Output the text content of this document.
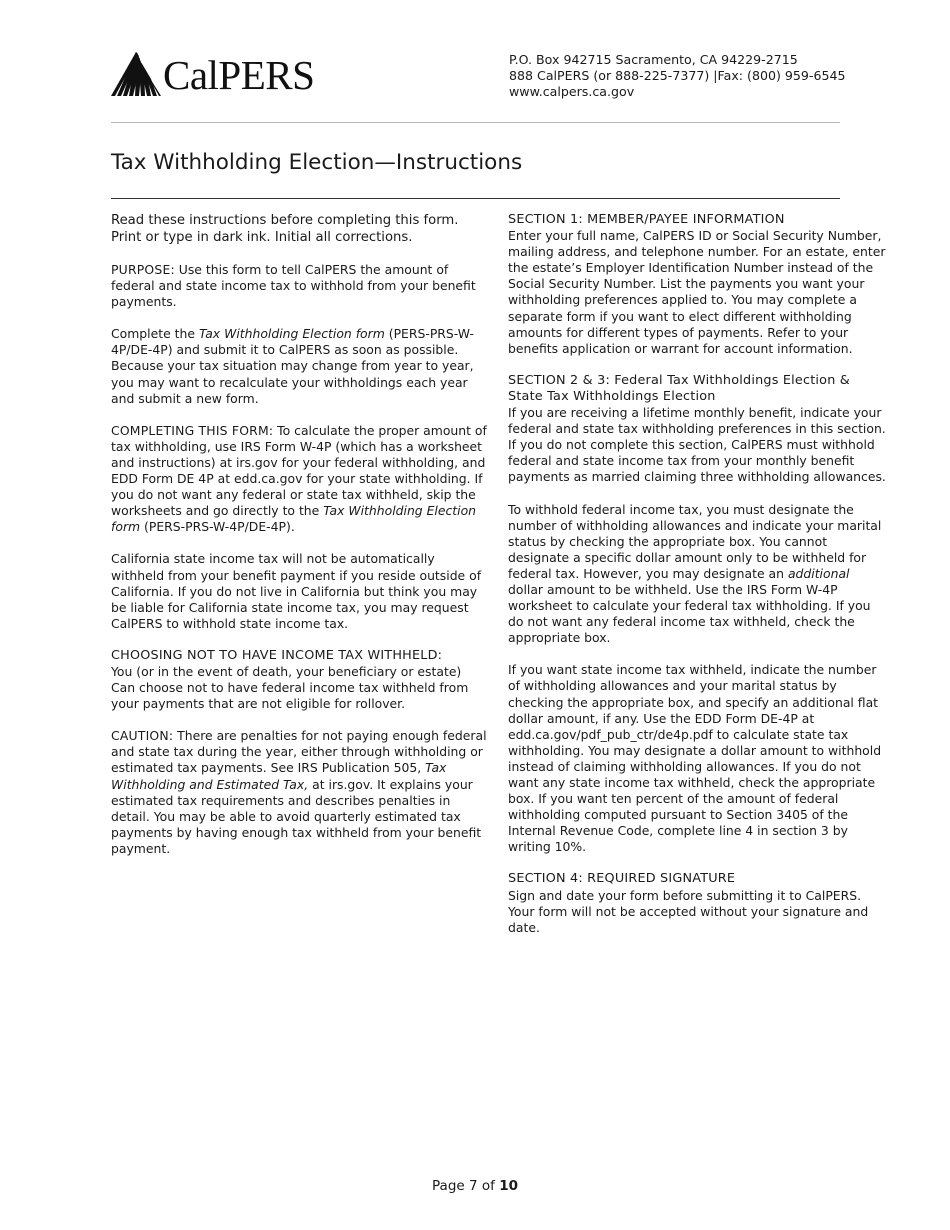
CalPERS	P.O. Box 942715 Sacramento, CA 94229-2715
888 CalPERS (or 888-225-7377) |Fax: (800) 959-6545
www.calpers.ca.gov
Tax Withholding Election—Instructions

Read these instructions before completing this form. Print or type in dark ink. Initial all corrections.

PURPOSE: Use this form to tell CalPERS the amount of federal and state income tax to withhold from your benefit payments.

Complete the Tax Withholding Election form (PERS-PRS-W-4P/DE-4P) and submit it to CalPERS as soon as possible. Because your tax situation may change from year to year, you may want to recalculate your withholdings each year and submit a new form.

COMPLETING THIS FORM: To calculate the proper amount of tax withholding, use IRS Form W-4P (which has a worksheet and instructions) at irs.gov for your federal withholding, and EDD Form DE 4P at edd.ca.gov for your state withholding. If you do not want any federal or state tax withheld, skip the worksheets and go directly to the Tax Withholding Election form (PERS-PRS-W-4P/DE-4P).

California state income tax will not be automatically withheld from your benefit payment if you reside outside of California. If you do not live in California but think you may be liable for California state income tax, you may request CalPERS to withhold state income tax.

CHOOSING NOT TO HAVE INCOME TAX WITHHELD:
You (or in the event of death, your beneficiary or estate) Can choose not to have federal income tax withheld from your payments that are not eligible for rollover.

CAUTION: There are penalties for not paying enough federal and state tax during the year, either through withholding or estimated tax payments. See IRS Publication 505, Tax Withholding and Estimated Tax, at irs.gov. It explains your estimated tax requirements and describes penalties in detail. You may be able to avoid quarterly estimated tax payments by having enough tax withheld from your benefit payment.

SECTION 1: MEMBER/PAYEE INFORMATION
Enter your full name, CalPERS ID or Social Security Number, mailing address, and telephone number. For an estate, enter the estate’s Employer Identification Number instead of the Social Security Number. List the payments you want your withholding preferences applied to. You may complete a separate form if you want to elect different withholding amounts for different types of payments. Refer to your benefits application or warrant for account information.

SECTION 2 & 3: Federal Tax Withholdings Election & State Tax Withholdings Election
If you are receiving a lifetime monthly benefit, indicate your federal and state tax withholding preferences in this section. If you do not complete this section, CalPERS must withhold federal and state income tax from your monthly benefit payments as married claiming three withholding allowances.

To withhold federal income tax, you must designate the number of withholding allowances and indicate your marital status by checking the appropriate box. You cannot designate a specific dollar amount only to be withheld for federal tax. However, you may designate an additional dollar amount to be withheld. Use the IRS Form W-4P worksheet to calculate your federal tax withholding. If you do not want any federal income tax withheld, check the appropriate box.

If you want state income tax withheld, indicate the number of withholding allowances and your marital status by checking the appropriate box, and specify an additional flat dollar amount, if any. Use the EDD Form DE-4P at edd.ca.gov/pdf_pub_ctr/de4p.pdf to calculate state tax withholding. You may designate a dollar amount to withhold instead of claiming withholding allowances. If you do not want any state income tax withheld, check the appropriate box. If you want ten percent of the amount of federal withholding computed pursuant to Section 3405 of the Internal Revenue Code, complete line 4 in section 3 by writing 10%.

SECTION 4: REQUIRED SIGNATURE
Sign and date your form before submitting it to CalPERS. Your form will not be accepted without your signature and date.

Page 7 of 10
